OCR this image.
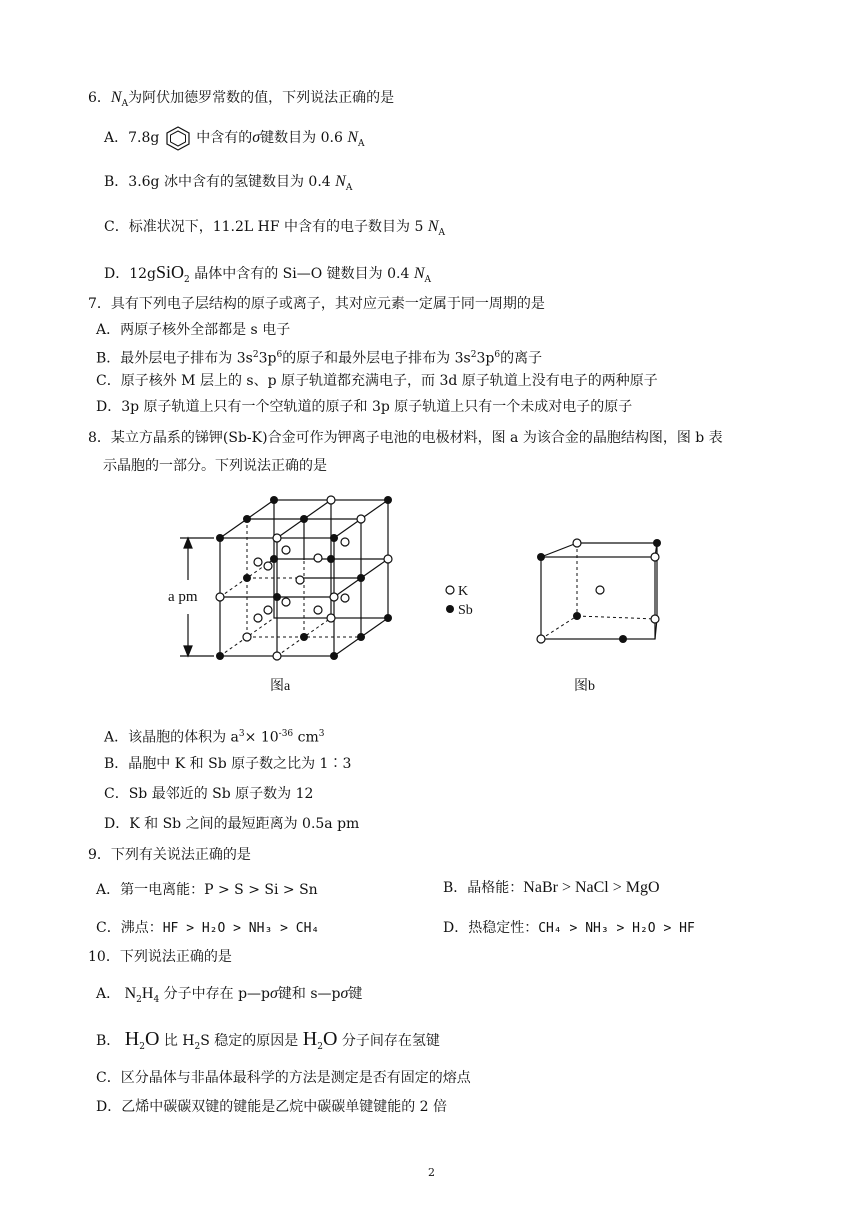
6．$N_A$为阿伏加德罗常数的值，下列说法正确的是
A．7.8g	中含有的σ键数目为 0.6 $N_A$
B．3.6g 冰中含有的氢键数目为 0.4 $N_A$
C．标准状况下，11.2L HF 中含有的电子数目为 5 $N_A$
D．12gSiO$_2$ 晶体中含有的 Si—O 键数目为 0.4 $N_A$
7．具有下列电子层结构的原子或离子，其对应元素一定属于同一周期的是
A．两原子核外全部都是 s 电子
B．最外层电子排布为 $3s^23p^6$的原子和最外层电子排布为 $3s^23p^6$的离子
C．原子核外 M 层上的 s、p 原子轨道都充满电子，而 3d 原子轨道上没有电子的两种原子
D．3p 原子轨道上只有一个空轨道的原子和 3p 原子轨道上只有一个未成对电子的原子
8．某立方晶系的锑钾(Sb-K)合金可作为钾离子电池的电极材料，图 a 为该合金的晶胞结构图，图 b 表
示晶胞的一部分。下列说法正确的是
a pm	K
Sb
图a	图b
A．该晶胞的体积为 $a^3\times 10^{-36}$ $cm^3$
B．晶胞中 K 和 Sb 原子数之比为 1∶3
C．Sb 最邻近的 Sb 原子数为 12
D．K 和 Sb 之间的最短距离为 0.5a pm
9．下列有关说法正确的是
A．第一电离能：P > S > Si > Sn	B．晶格能：NaBr > NaCl > MgO
C．沸点：HF > H₂O > NH₃ > CH₄	D．热稳定性：CH₄ > NH₃ > H₂O > HF
10．下列说法正确的是
A． $N_2H_4$ 分子中存在 p—pσ键和 s—pσ键
B． $H_2O$ 比 $H_2S$ 稳定的原因是 $H_2O$ 分子间存在氢键
C．区分晶体与非晶体最科学的方法是测定是否有固定的熔点
D．乙烯中碳碳双键的键能是乙烷中碳碳单键键能的 2 倍
2
